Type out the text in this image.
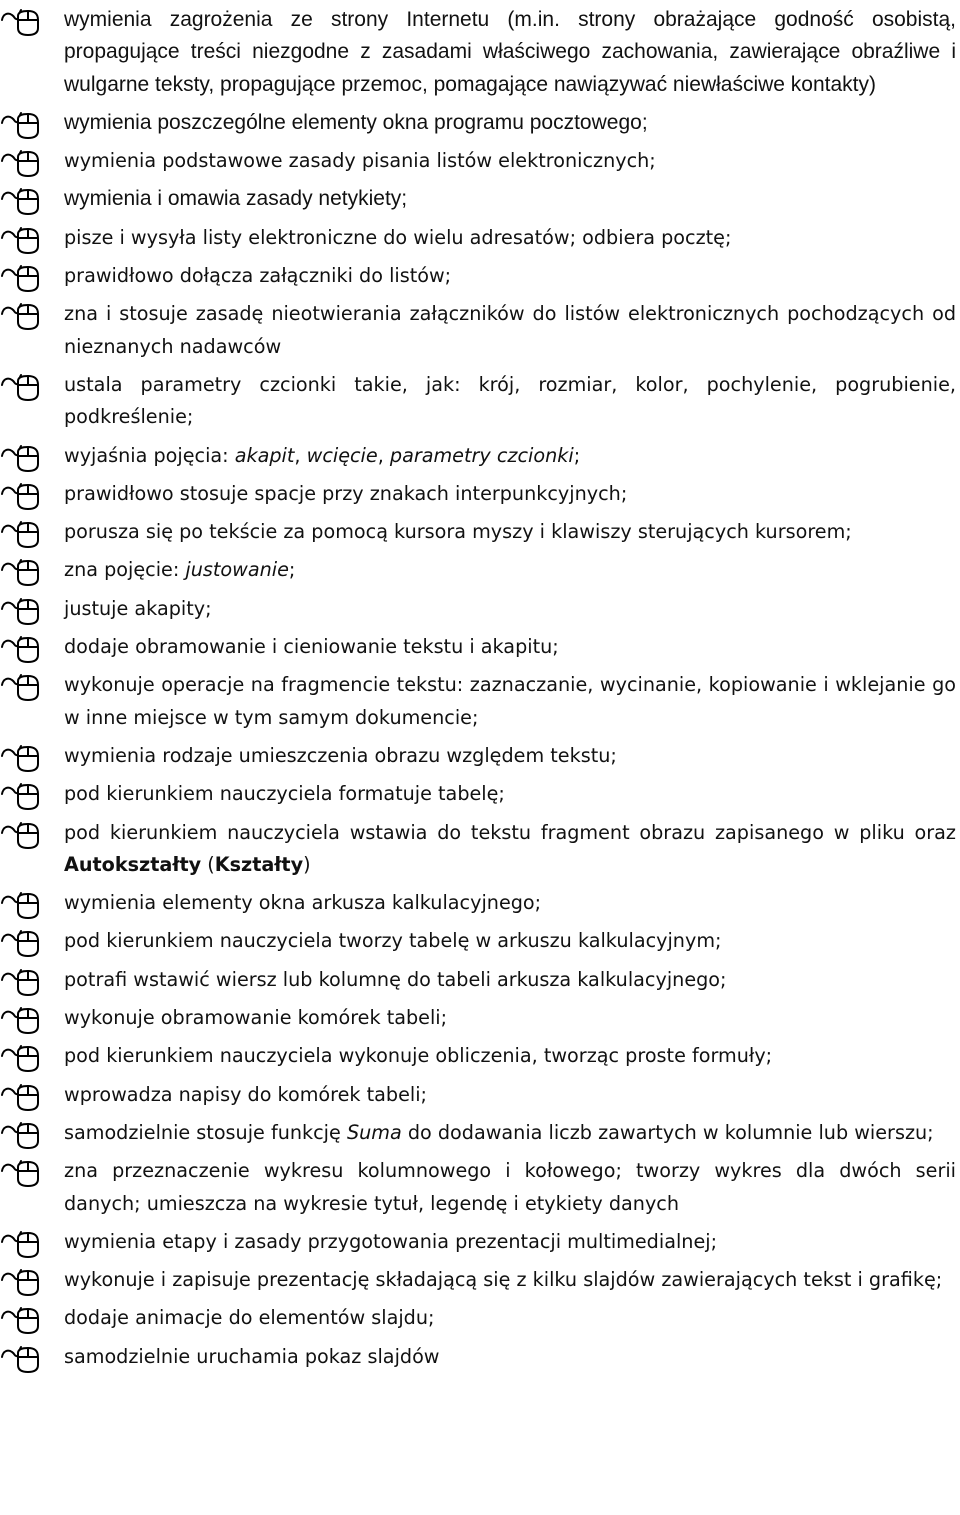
wymienia zagrożenia ze strony Internetu (m.in. strony obrażające godność osobistą, propagujące treści niezgodne z zasadami właściwego zachowania, zawierające obraźliwe i wulgarne teksty, propagujące przemoc, pomagające nawiązywać niewłaściwe kontakty)
wymienia poszczególne elementy okna programu pocztowego;
wymienia podstawowe zasady pisania listów elektronicznych;
wymienia i omawia zasady netykiety;
pisze i wysyła listy elektroniczne do wielu adresatów; odbiera pocztę;
prawidłowo dołącza załączniki do listów;
zna i stosuje zasadę nieotwierania załączników do listów elektronicznych pochodzących od nieznanych nadawców
ustala parametry czcionki takie, jak: krój, rozmiar, kolor, pochylenie, pogrubienie, podkreślenie;
wyjaśnia pojęcia: akapit, wcięcie, parametry czcionki;
prawidłowo stosuje spacje przy znakach interpunkcyjnych;
porusza się po tekście za pomocą kursora myszy i klawiszy sterujących kursorem;
zna pojęcie: justowanie;
justuje akapity;
dodaje obramowanie i cieniowanie tekstu i akapitu;
wykonuje operacje na fragmencie tekstu: zaznaczanie, wycinanie, kopiowanie i wklejanie go w inne miejsce w tym samym dokumencie;
wymienia rodzaje umieszczenia obrazu względem tekstu;
pod kierunkiem nauczyciela formatuje tabelę;
pod kierunkiem nauczyciela wstawia do tekstu fragment obrazu zapisanego w pliku oraz Autokształty (Kształty)
wymienia elementy okna arkusza kalkulacyjnego;
pod kierunkiem nauczyciela tworzy tabelę w arkuszu kalkulacyjnym;
potrafi wstawić wiersz lub kolumnę do tabeli arkusza kalkulacyjnego;
wykonuje obramowanie komórek tabeli;
pod kierunkiem nauczyciela wykonuje obliczenia, tworząc proste formuły;
wprowadza napisy do komórek tabeli;
samodzielnie stosuje funkcję Suma do dodawania liczb zawartych w kolumnie lub wierszu;
zna przeznaczenie wykresu kolumnowego i kołowego; tworzy wykres dla dwóch serii danych; umieszcza na wykresie tytuł, legendę i etykiety danych
wymienia etapy i zasady przygotowania prezentacji multimedialnej;
wykonuje i zapisuje prezentację składającą się z kilku slajdów zawierających tekst i grafikę;
dodaje animacje do elementów slajdu;
samodzielnie uruchamia pokaz slajdów
